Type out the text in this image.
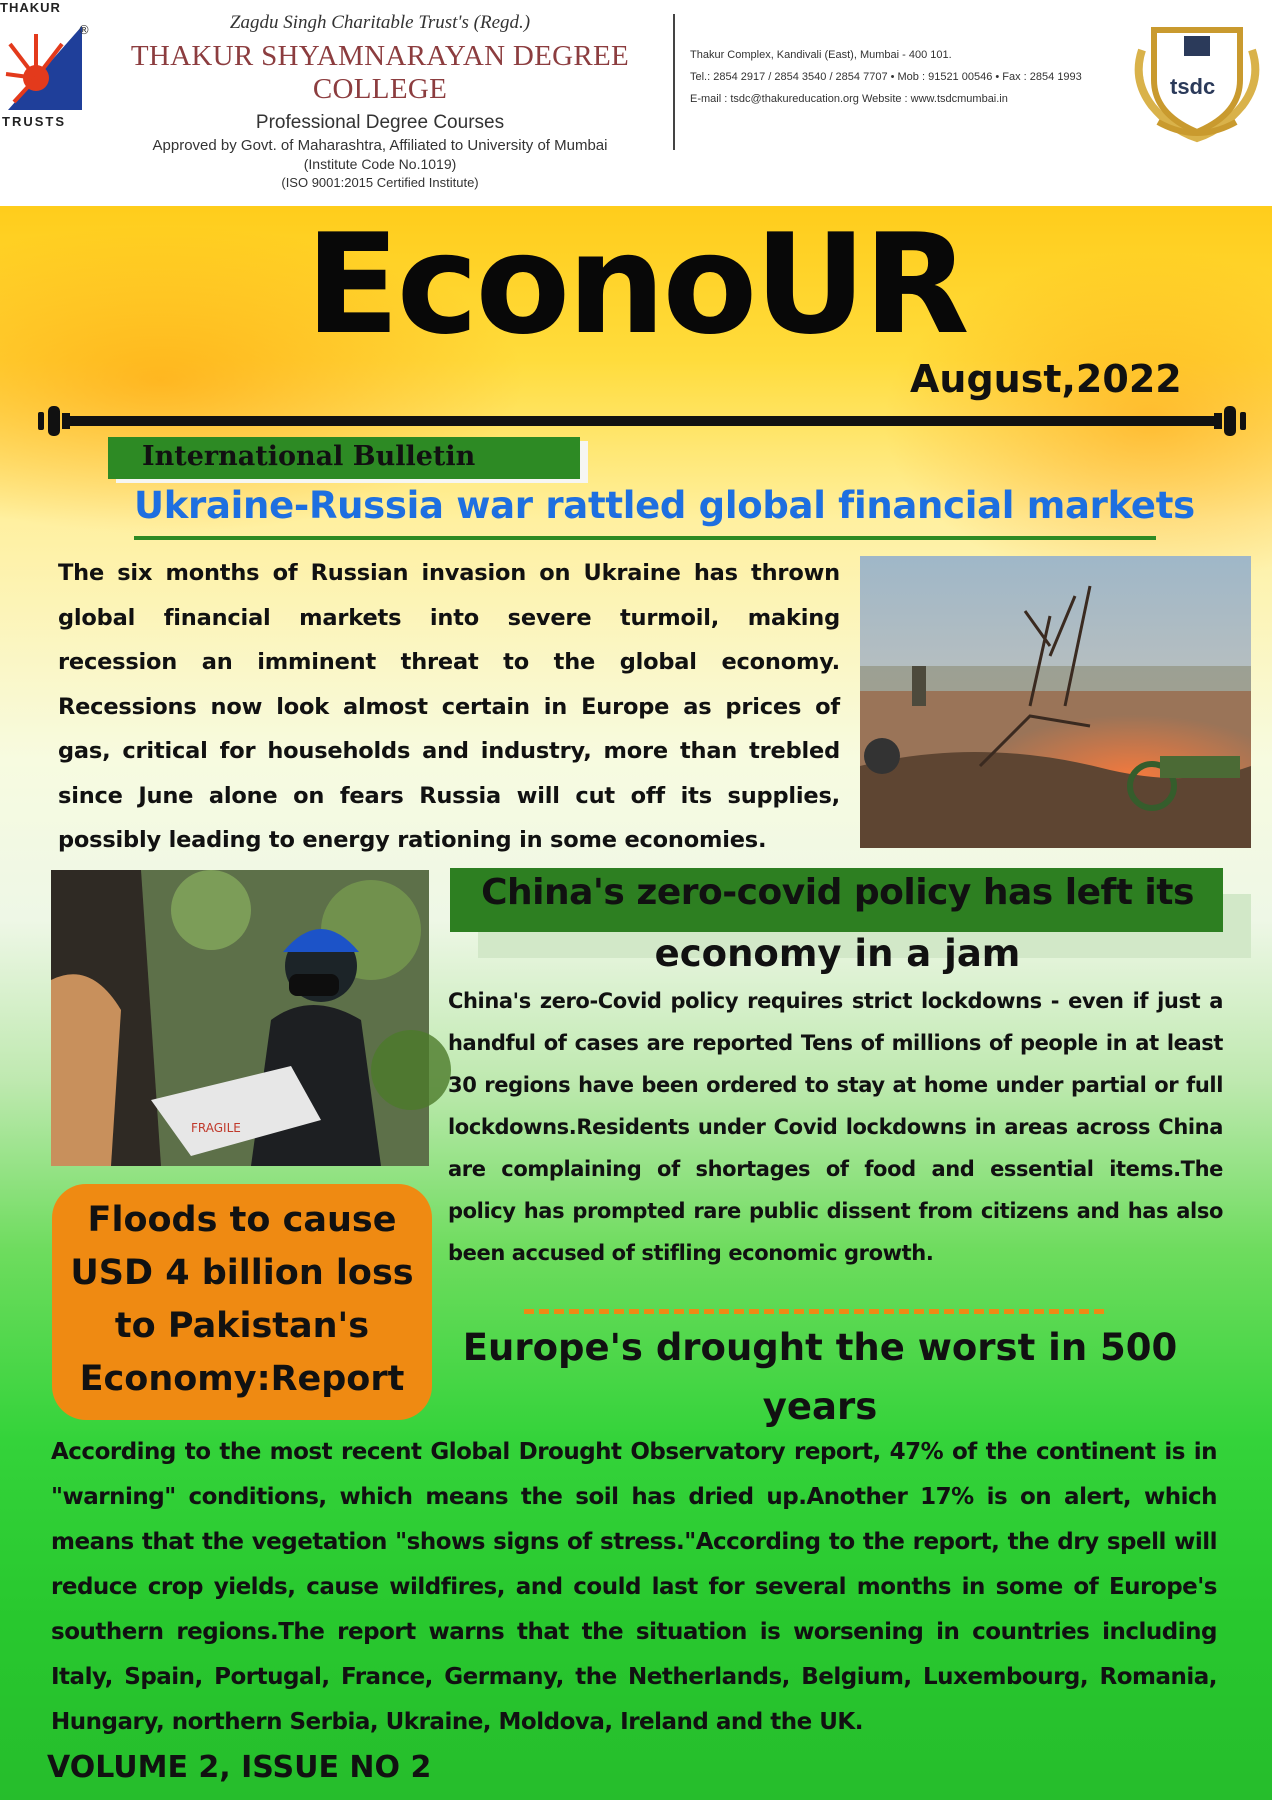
THAKUR
®
TRUSTS
Zagdu Singh Charitable Trust's (Regd.)
THAKUR SHYAMNARAYAN DEGREE COLLEGE
Professional Degree Courses
Approved by Govt. of Maharashtra, Affiliated to University of Mumbai
(Institute Code No.1019)
(ISO 9001:2015 Certified Institute)
Thakur Complex, Kandivali (East), Mumbai - 400 101.
Tel.: 2854 2917 / 2854 3540 / 2854 7707 • Mob : 91521 00546 • Fax : 2854 1993
E-mail : tsdc@thakureducation.org Website : www.tsdcmumbai.in	tsdc
EconoUR
August,2022
International Bulletin
Ukraine-Russia war rattled global financial markets
The six months of Russian invasion on Ukraine has thrown global financial markets into severe turmoil, making recession an imminent threat to the global economy. Recessions now look almost certain in Europe as prices of gas, critical for households and industry, more than trebled since June alone on fears Russia will cut off its supplies, possibly leading to energy rationing in some economies.
FRAGILE
China's zero-covid policy has left its
economy in a jam
China's zero-Covid policy requires strict lockdowns - even if just a handful of cases are reported Tens of millions of people in at least 30 regions have been ordered to stay at home under partial or full lockdowns.Residents under Covid lockdowns in areas across China are complaining of shortages of food and essential items.The policy has prompted rare public dissent from citizens and has also been accused of stifling economic growth.
Floods to cause
USD 4 billion loss
to Pakistan's
Economy:Report
Europe's drought the worst in 500
years
According to the most recent Global Drought Observatory report, 47% of the continent is in "warning" conditions, which means the soil has dried up.Another 17% is on alert, which means that the vegetation "shows signs of stress."According to the report, the dry spell will reduce crop yields, cause wildfires, and could last for several months in some of Europe's southern regions.The report warns that the situation is worsening in countries including Italy, Spain, Portugal, France, Germany, the Netherlands, Belgium, Luxembourg, Romania, Hungary, northern Serbia, Ukraine, Moldova, Ireland and the UK.
VOLUME 2, ISSUE NO 2
